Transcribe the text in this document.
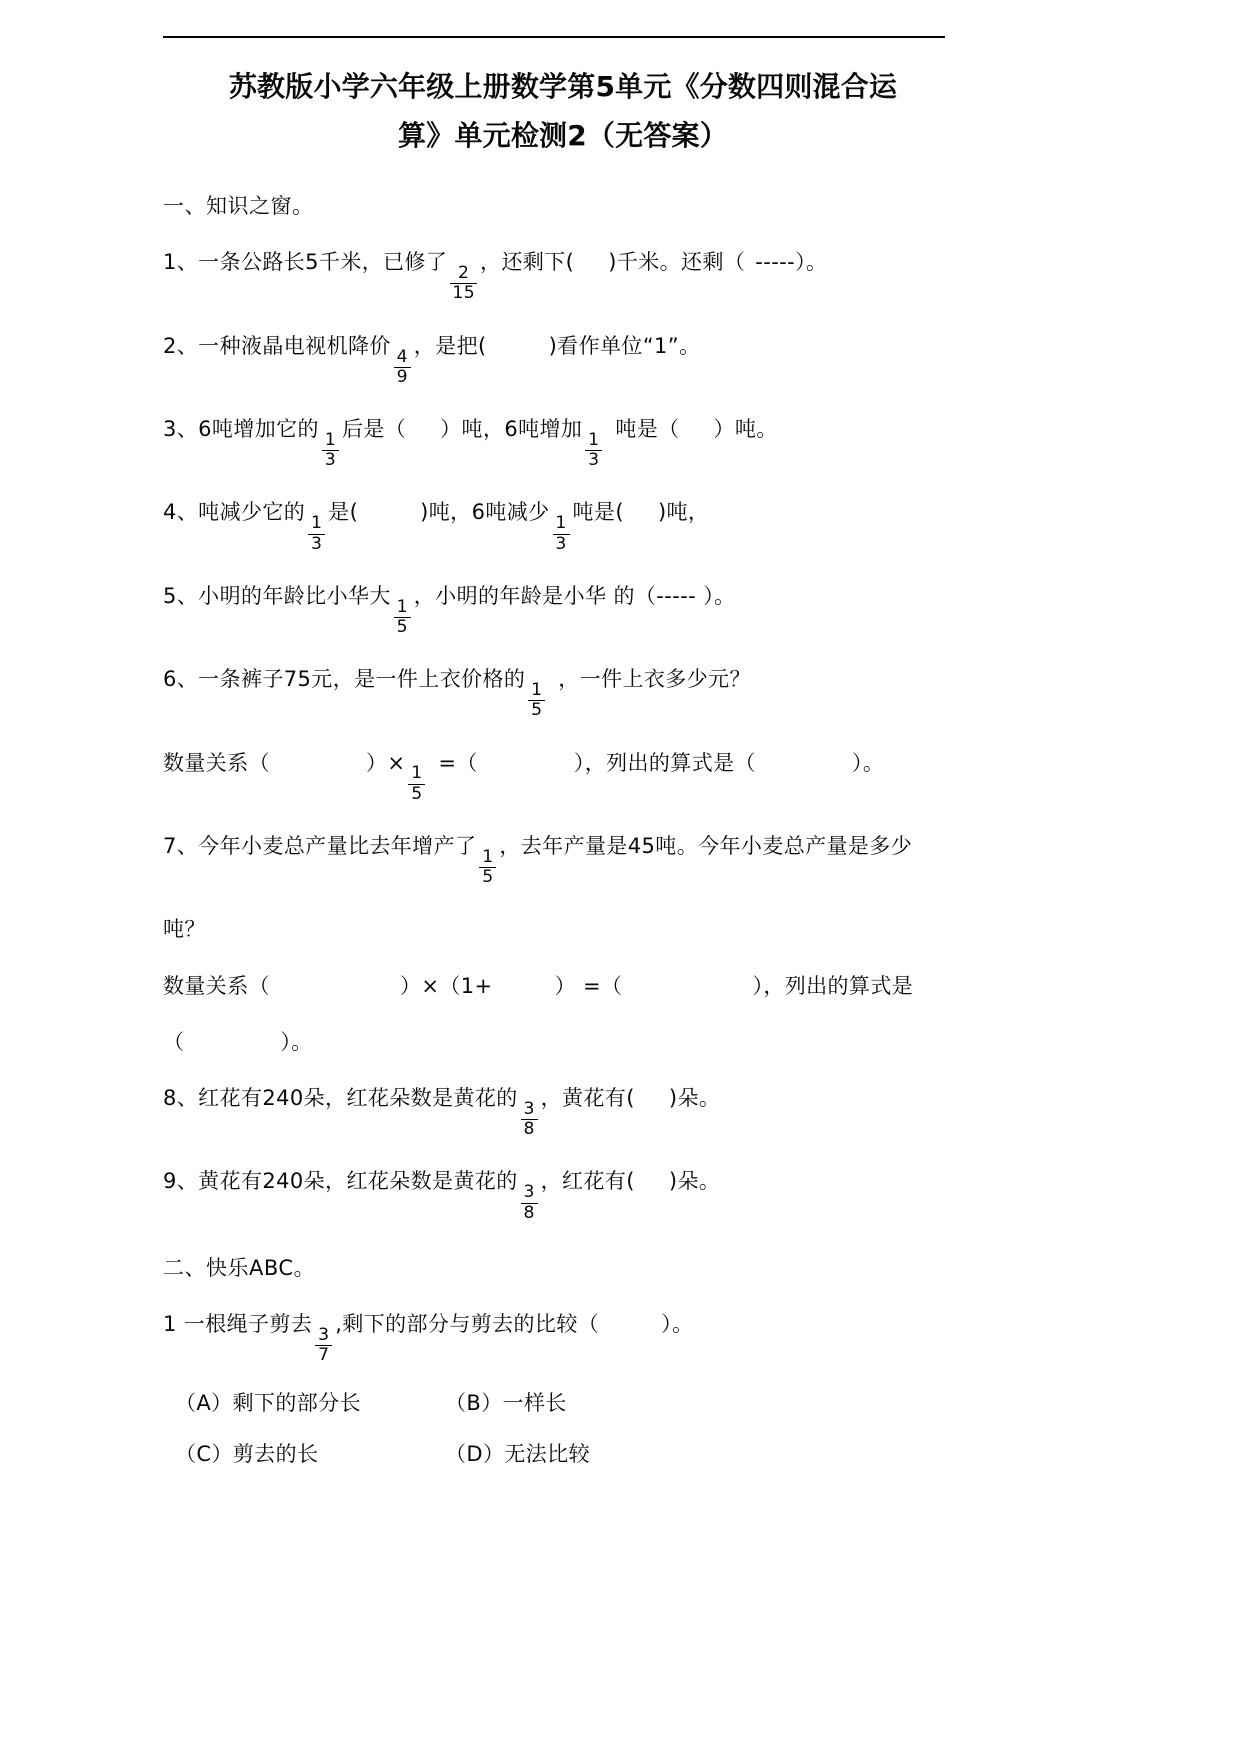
苏教版小学六年级上册数学第5单元《分数四则混合运
算》单元检测2（无答案）
一、知识之窗。
1、一条公路长5千米，已修了
$\frac{2}{15}$
，还剩下( )千米。还剩（ -----）。
2、一种液晶电视机降价
$\frac{4}{9}$
，是把(	)看作单位“1”。
3、6吨增加它的
$\frac{1}{3}$
后是（ ）吨，6吨增加
$\frac{1}{3}$
吨是（ ）吨。
4、吨减少它的
$\frac{1}{3}$
是(	)吨，6吨减少
$\frac{1}{3}$
吨是( )吨，
5、小明的年龄比小华大
$\frac{1}{5}$
，小明的年龄是小华 的（----- ）。
6、一条裤子75元，是一件上衣价格的
$\frac{1}{5}$
，一件上衣多少元？
数量关系（	）×
$\frac{1}{5}$
=（	），列出的算式是（	）。
7、今年小麦总产量比去年增产了
$\frac{1}{5}$
，去年产量是45吨。今年小麦总产量是多少
吨？
数量关系（	）×（1+	） =（	），列出的算式是
（	）。
8、红花有240朵，红花朵数是黄花的
$\frac{3}{8}$
，黄花有( )朵。
9、黄花有240朵，红花朵数是黄花的
$\frac{3}{8}$
，红花有( )朵。
二、快乐ABC。
1 一根绳子剪去
$\frac{3}{7}$
,剩下的部分与剪去的比较（	）。
（A）剩下的部分长	（B）一样长
（C）剪去的长	（D）无法比较
